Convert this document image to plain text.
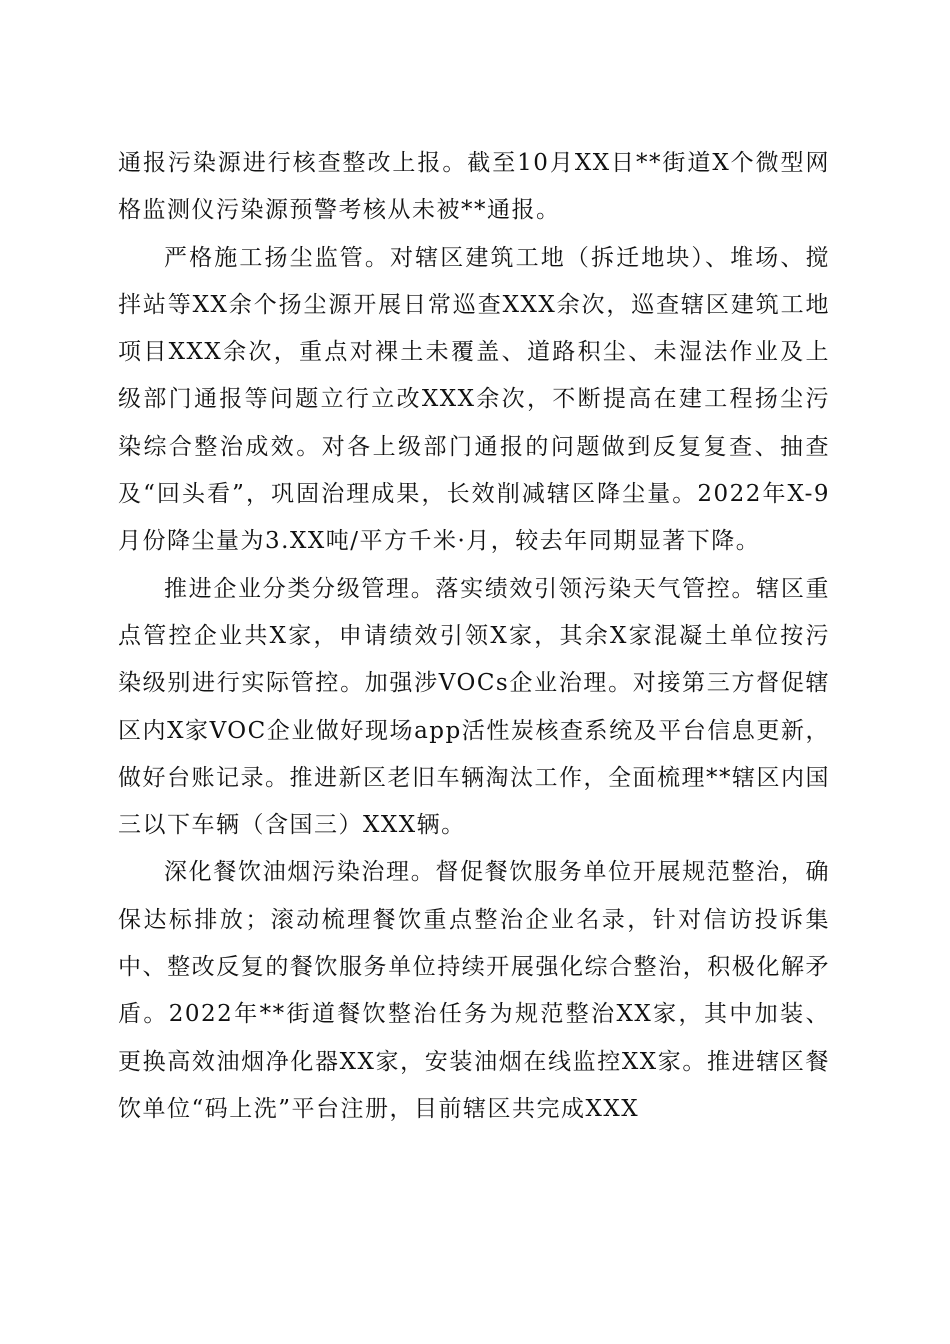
通报污染源进行核查整改上报。截至10月XX日**街道X个微型网格监测仪污染源预警考核从未被**通报。

严格施工扬尘监管。对辖区建筑工地（拆迁地块）、堆场、搅拌站等XX余个扬尘源开展日常巡查XXX余次，巡查辖区建筑工地项目XXX余次，重点对裸土未覆盖、道路积尘、未湿法作业及上级部门通报等问题立行立改XXX余次，不断提高在建工程扬尘污染综合整治成效。对各上级部门通报的问题做到反复复查、抽查及“回头看”，巩固治理成果，长效削减辖区降尘量。2022年X-9月份降尘量为3.XX吨/平方千米·月，较去年同期显著下降。

推进企业分类分级管理。落实绩效引领污染天气管控。辖区重点管控企业共X家，申请绩效引领X家，其余X家混凝土单位按污染级别进行实际管控。加强涉VOCs企业治理。对接第三方督促辖区内X家VOC企业做好现场app活性炭核查系统及平台信息更新，做好台账记录。推进新区老旧车辆淘汰工作，全面梳理**辖区内国三以下车辆（含国三）XXX辆。

深化餐饮油烟污染治理。督促餐饮服务单位开展规范整治，确保达标排放；滚动梳理餐饮重点整治企业名录，针对信访投诉集中、整改反复的餐饮服务单位持续开展强化综合整治，积极化解矛盾。2022年**街道餐饮整治任务为规范整治XX家，其中加装、更换高效油烟净化器XX家，安装油烟在线监控XX家。推进辖区餐饮单位“码上洗”平台注册，目前辖区共完成XXX
